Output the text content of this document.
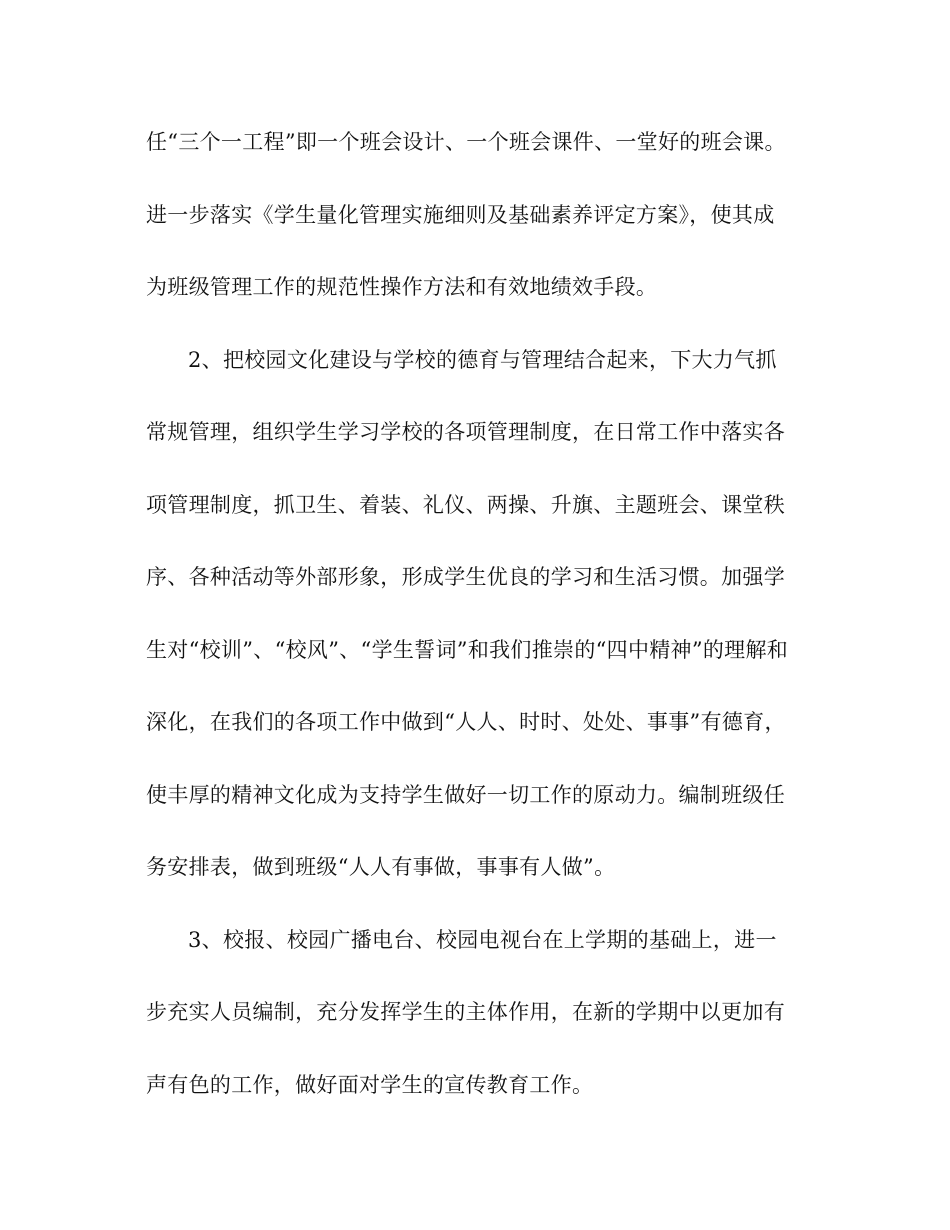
任“三个一工程”即一个班会设计、一个班会课件、一堂好的班会课。
进一步落实《学生量化管理实施细则及基础素养评定方案》，使其成
为班级管理工作的规范性操作方法和有效地绩效手段。
2、把校园文化建设与学校的德育与管理结合起来，下大力气抓
常规管理，组织学生学习学校的各项管理制度，在日常工作中落实各
项管理制度，抓卫生、着装、礼仪、两操、升旗、主题班会、课堂秩
序、各种活动等外部形象，形成学生优良的学习和生活习惯。加强学
生对“校训”、“校风”、“学生誓词”和我们推崇的“四中精神”的理解和
深化，在我们的各项工作中做到“人人、时时、处处、事事”有德育，
使丰厚的精神文化成为支持学生做好一切工作的原动力。编制班级任
务安排表，做到班级“人人有事做，事事有人做”。
3、校报、校园广播电台、校园电视台在上学期的基础上，进一
步充实人员编制，充分发挥学生的主体作用，在新的学期中以更加有
声有色的工作，做好面对学生的宣传教育工作。
